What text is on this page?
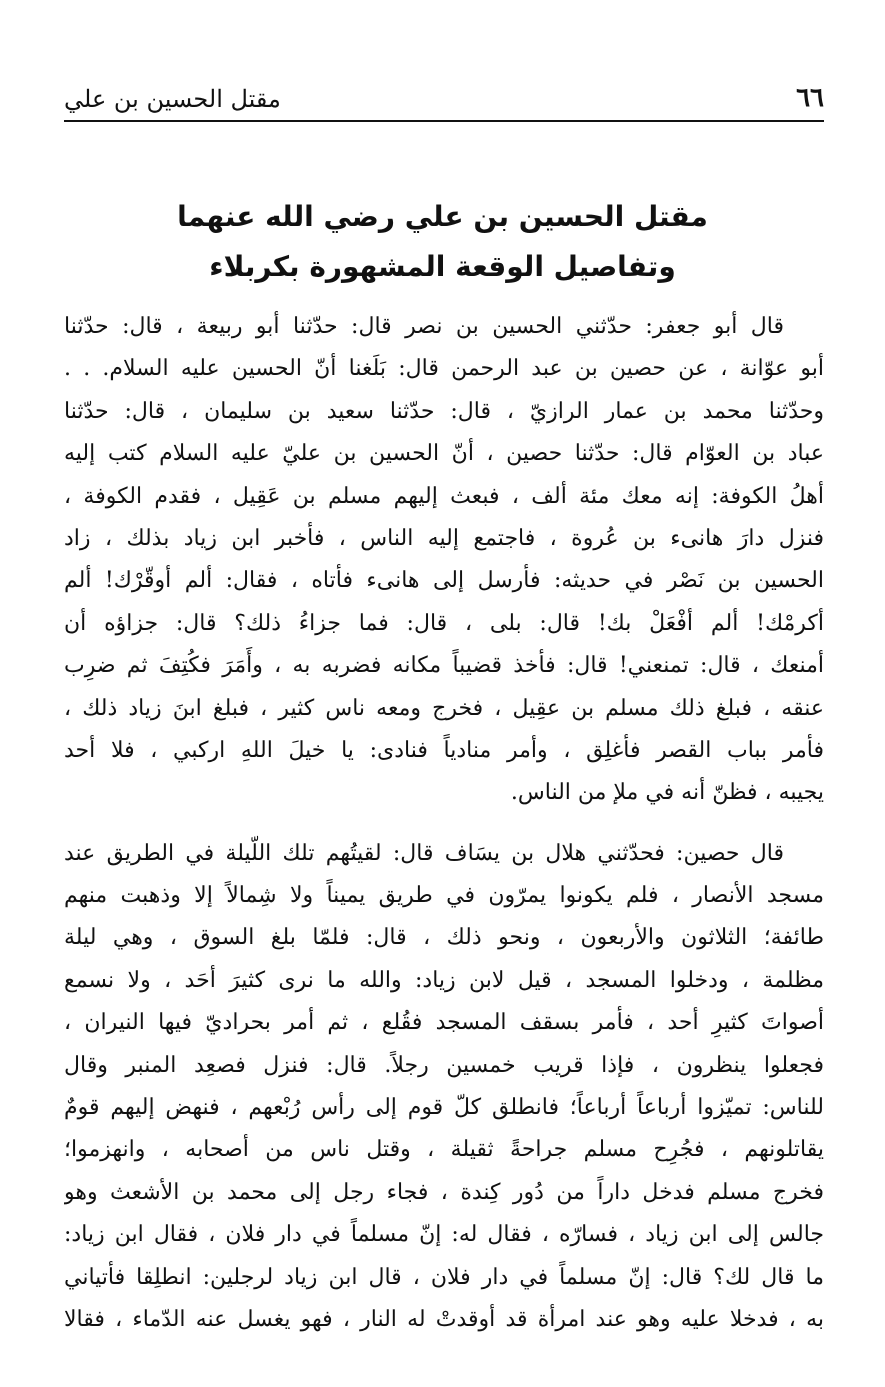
٦٦
مقتل الحسين بن علي
مقتل الحسين بن علي رضي الله عنهما
وتفاصيل الوقعة المشهورة بكربلاء
قال أبو جعفر: حدّثني الحسين بن نصر قال: حدّثنا أبو ربيعة ، قال: حدّثنا
أبو عوّانة ، عن حصين بن عبد الرحمن قال: بَلَغنا أنّ الحسين عليه السلام. . .
وحدّثنا محمد بن عمار الرازيّ ، قال: حدّثنا سعيد بن سليمان ، قال: حدّثنا
عباد بن العوّام قال: حدّثنا حصين ، أنّ الحسين بن عليّ عليه السلام كتب إليه
أهلُ الكوفة: إنه معك مئة ألف ، فبعث إليهم مسلم بن عَقِيل ، فقدم الكوفة ،
فنزل دارَ هانىء بن عُروة ، فاجتمع إليه الناس ، فأخبر ابن زياد بذلك ، زاد
الحسين بن نَصْر في حديثه: فأرسل إلى هانىء فأتاه ، فقال: ألم أوقّرْك! ألم
أكرمْك! ألم أفْعَلْ بك! قال: بلى ، قال: فما جزاءُ ذلك؟ قال: جزاؤه أن
أمنعك ، قال: تمنعني! قال: فأخذ قضيباً مكانه فضربه به ، وأَمَرَ فكُتِفَ ثم ضرِب
عنقه ، فبلغ ذلك مسلم بن عقِيل ، فخرج ومعه ناس كثير ، فبلغ ابنَ زياد ذلك ،
فأمر بباب القصر فأغلِق ، وأمر منادياً فنادى: يا خيلَ اللهِ اركبي ، فلا أحد
يجيبه ، فظنّ أنه في ملإ من الناس.
قال حصين: فحدّثني هلال بن يسَاف قال: لقيتُهم تلك اللّيلة في الطريق عند
مسجد الأنصار ، فلم يكونوا يمرّون في طريق يميناً ولا شِمالاً إلا وذهبت منهم
طائفة؛ الثلاثون والأربعون ، ونحو ذلك ، قال: فلمّا بلغ السوق ، وهي ليلة
مظلمة ، ودخلوا المسجد ، قيل لابن زياد: والله ما نرى كثيرَ أحَد ، ولا نسمع
أصواتَ كثيرِ أحد ، فأمر بسقف المسجد فقُلع ، ثم أمر بحراديّ فيها النيران ،
فجعلوا ينظرون ، فإذا قريب خمسين رجلاً. قال: فنزل فصعِد المنبر وقال
للناس: تميّزوا أرباعاً أرباعاً؛ فانطلق كلّ قوم إلى رأس رُبْعهم ، فنهض إليهم قومٌ
يقاتلونهم ، فجُرِح مسلم جراحةً ثقيلة ، وقتل ناس من أصحابه ، وانهزموا؛
فخرج مسلم فدخل داراً من دُور كِندة ، فجاء رجل إلى محمد بن الأشعث وهو
جالس إلى ابن زياد ، فسارّه ، فقال له: إنّ مسلماً في دار فلان ، فقال ابن زياد:
ما قال لك؟ قال: إنّ مسلماً في دار فلان ، قال ابن زياد لرجلين: انطلِقا فأتياني
به ، فدخلا عليه وهو عند امرأة قد أوقدتْ له النار ، فهو يغسل عنه الدّماء ، فقالا
